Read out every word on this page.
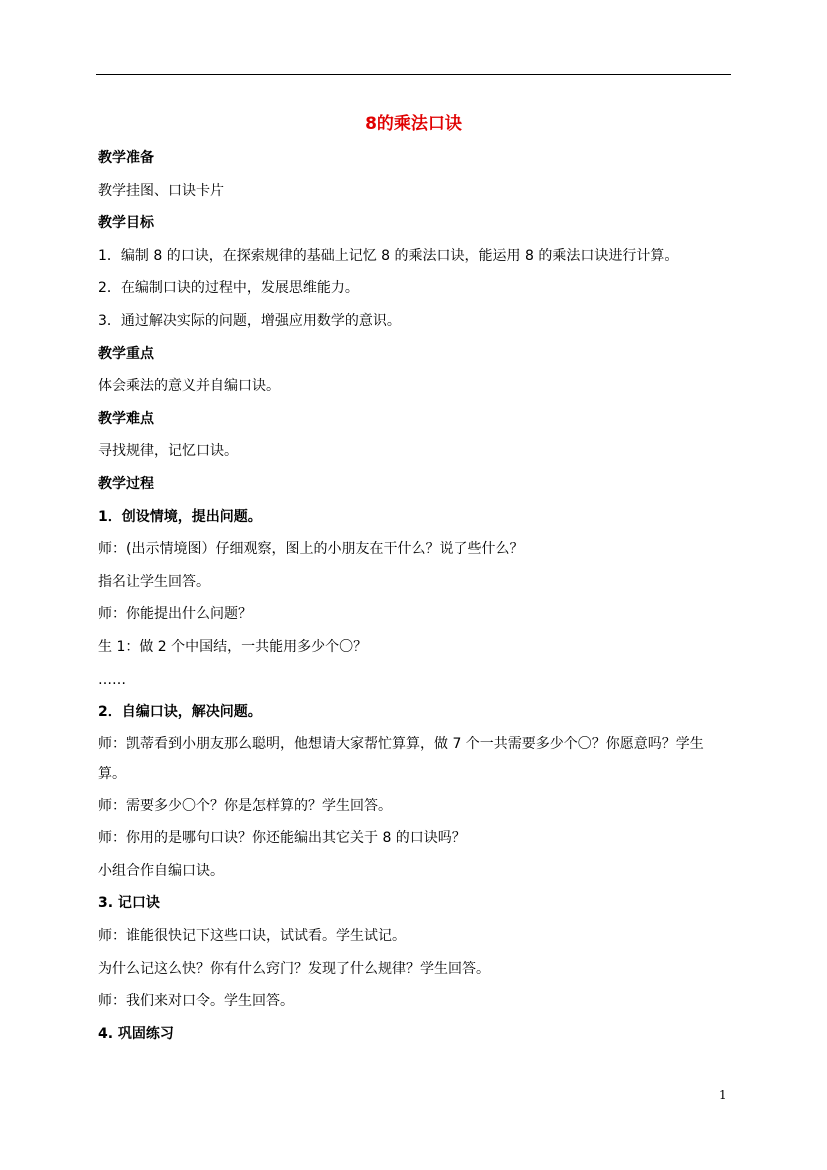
8的乘法口诀
教学准备
教学挂图、口诀卡片
教学目标
1．编制 8 的口诀，在探索规律的基础上记忆 8 的乘法口诀，能运用 8 的乘法口诀进行计算。
2．在编制口诀的过程中，发展思维能力。
3．通过解决实际的问题，增强应用数学的意识。
教学重点
体会乘法的意义并自编口诀。
教学难点
寻找规律，记忆口诀。
教学过程
1．创设情境，提出问题。
师：(出示情境图）仔细观察，图上的小朋友在干什么？说了些什么？
指名让学生回答。
师：你能提出什么问题？
生 1：做 2 个中国结，一共能用多少个〇？
……
2．自编口诀，解决问题。
师：凯蒂看到小朋友那么聪明，他想请大家帮忙算算，做 7 个一共需要多少个〇？你愿意吗？学生算。
师：需要多少〇个？你是怎样算的？学生回答。
师：你用的是哪句口诀？你还能编出其它关于 8 的口诀吗？
小组合作自编口诀。
3. 记口诀
师：谁能很快记下这些口诀，试试看。学生试记。
为什么记这么快？你有什么窍门？发现了什么规律？学生回答。
师：我们来对口令。学生回答。
4. 巩固练习
1
